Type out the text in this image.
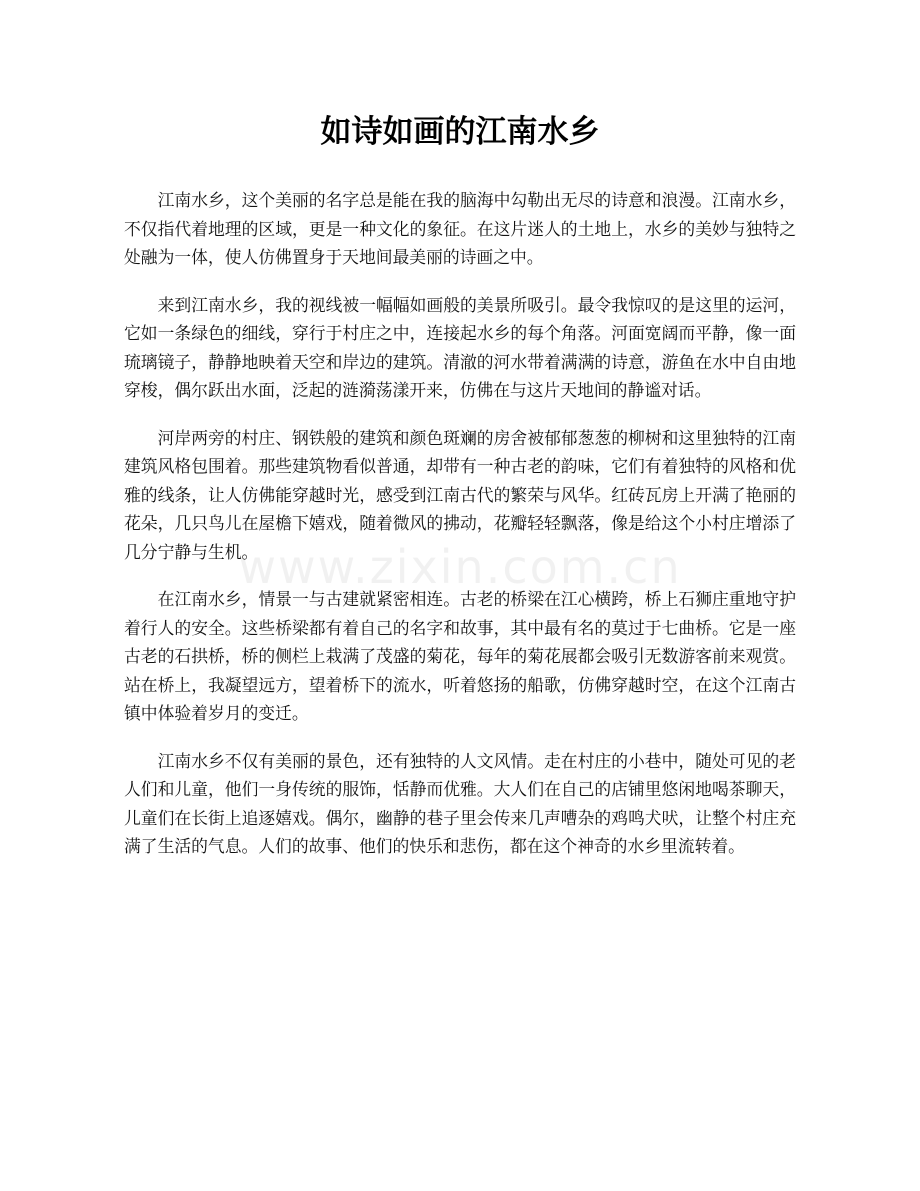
www.zixin.com.cn
如诗如画的江南水乡

江南水乡，这个美丽的名字总是能在我的脑海中勾勒出无尽的诗意和浪漫。江南水乡，不仅指代着地理的区域，更是一种文化的象征。在这片迷人的土地上，水乡的美妙与独特之处融为一体，使人仿佛置身于天地间最美丽的诗画之中。

来到江南水乡，我的视线被一幅幅如画般的美景所吸引。最令我惊叹的是这里的运河，它如一条绿色的细线，穿行于村庄之中，连接起水乡的每个角落。河面宽阔而平静，像一面琉璃镜子，静静地映着天空和岸边的建筑。清澈的河水带着满满的诗意，游鱼在水中自由地穿梭，偶尔跃出水面，泛起的涟漪荡漾开来，仿佛在与这片天地间的静谧对话。

河岸两旁的村庄、钢铁般的建筑和颜色斑斓的房舍被郁郁葱葱的柳树和这里独特的江南建筑风格包围着。那些建筑物看似普通，却带有一种古老的韵味，它们有着独特的风格和优雅的线条，让人仿佛能穿越时光，感受到江南古代的繁荣与风华。红砖瓦房上开满了艳丽的花朵，几只鸟儿在屋檐下嬉戏，随着微风的拂动，花瓣轻轻飘落，像是给这个小村庄增添了几分宁静与生机。

在江南水乡，情景一与古建就紧密相连。古老的桥梁在江心横跨，桥上石狮庄重地守护着行人的安全。这些桥梁都有着自己的名字和故事，其中最有名的莫过于七曲桥。它是一座古老的石拱桥，桥的侧栏上栽满了茂盛的菊花，每年的菊花展都会吸引无数游客前来观赏。站在桥上，我凝望远方，望着桥下的流水，听着悠扬的船歌，仿佛穿越时空，在这个江南古镇中体验着岁月的变迁。

江南水乡不仅有美丽的景色，还有独特的人文风情。走在村庄的小巷中，随处可见的老人们和儿童，他们一身传统的服饰，恬静而优雅。大人们在自己的店铺里悠闲地喝茶聊天，儿童们在长街上追逐嬉戏。偶尔，幽静的巷子里会传来几声嘈杂的鸡鸣犬吠，让整个村庄充满了生活的气息。人们的故事、他们的快乐和悲伤，都在这个神奇的水乡里流转着。
